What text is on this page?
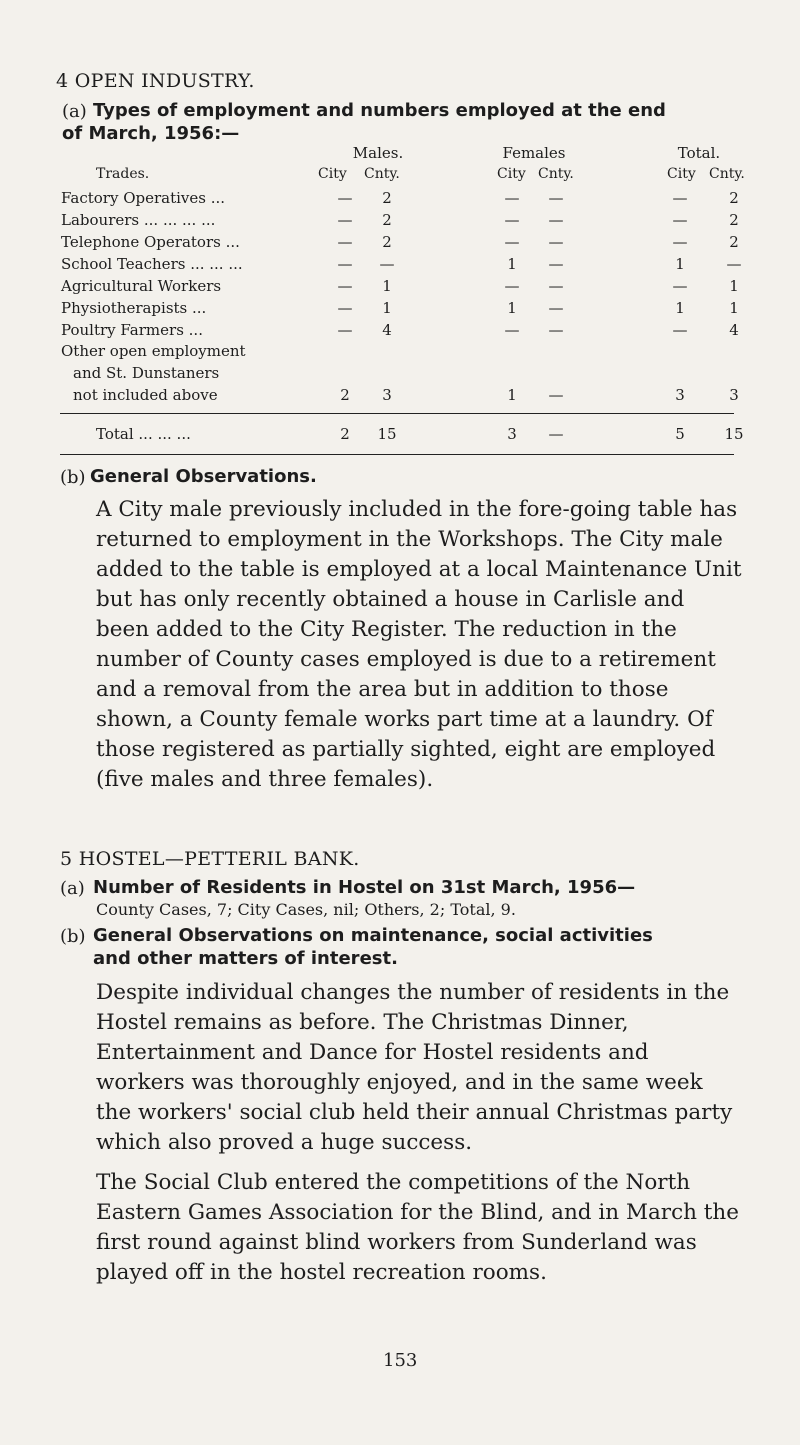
4 OPEN INDUSTRY.
(a) Types of employment and numbers employed at the end
of March, 1956:—
Males.	Females	Total.
Trades.	City Cnty.	City Cnty.	City Cnty.
Factory Operatives ...	—	2	—	—	—	2
Labourers ... ... ... ...	—	2	—	—	—	2
Telephone Operators ...	—	2	—	—	—	2
School Teachers ... ... ...	—	—	1	—	1	—
Agricultural Workers	—	1	—	—	—	1
Physiotherapists ...	—	1	1	—	1	1
Poultry Farmers ...	—	4	—	—	—	4
Other open employment
and St. Dunstaners
not included above	2	3	1	—	3	3
Total ... ... ...	2	15	3	—	5	15
(b) General Observations.
A City male previously included in the fore-going table has returned to employment in the Workshops. The City male added to the table is employed at a local Maintenance Unit but has only recently obtained a house in Carlisle and been added to the City Register. The reduction in the number of County cases employed is due to a retirement and a removal from the area but in addition to those shown, a County female works part time at a laundry. Of those registered as partially sighted, eight are employed (five males and three females).
5 HOSTEL—PETTERIL BANK.
(a) Number of Residents in Hostel on 31st March, 1956—
County Cases, 7; City Cases, nil; Others, 2; Total, 9.
(b) General Observations on maintenance, social activities
and other matters of interest.
Despite individual changes the number of residents in the Hostel remains as before. The Christmas Dinner, Entertainment and Dance for Hostel residents and workers was thoroughly enjoyed, and in the same week the workers' social club held their annual Christmas party which also proved a huge success.
The Social Club entered the competitions of the North Eastern Games Association for the Blind, and in March the first round against blind workers from Sunderland was played off in the hostel recreation rooms.
153
